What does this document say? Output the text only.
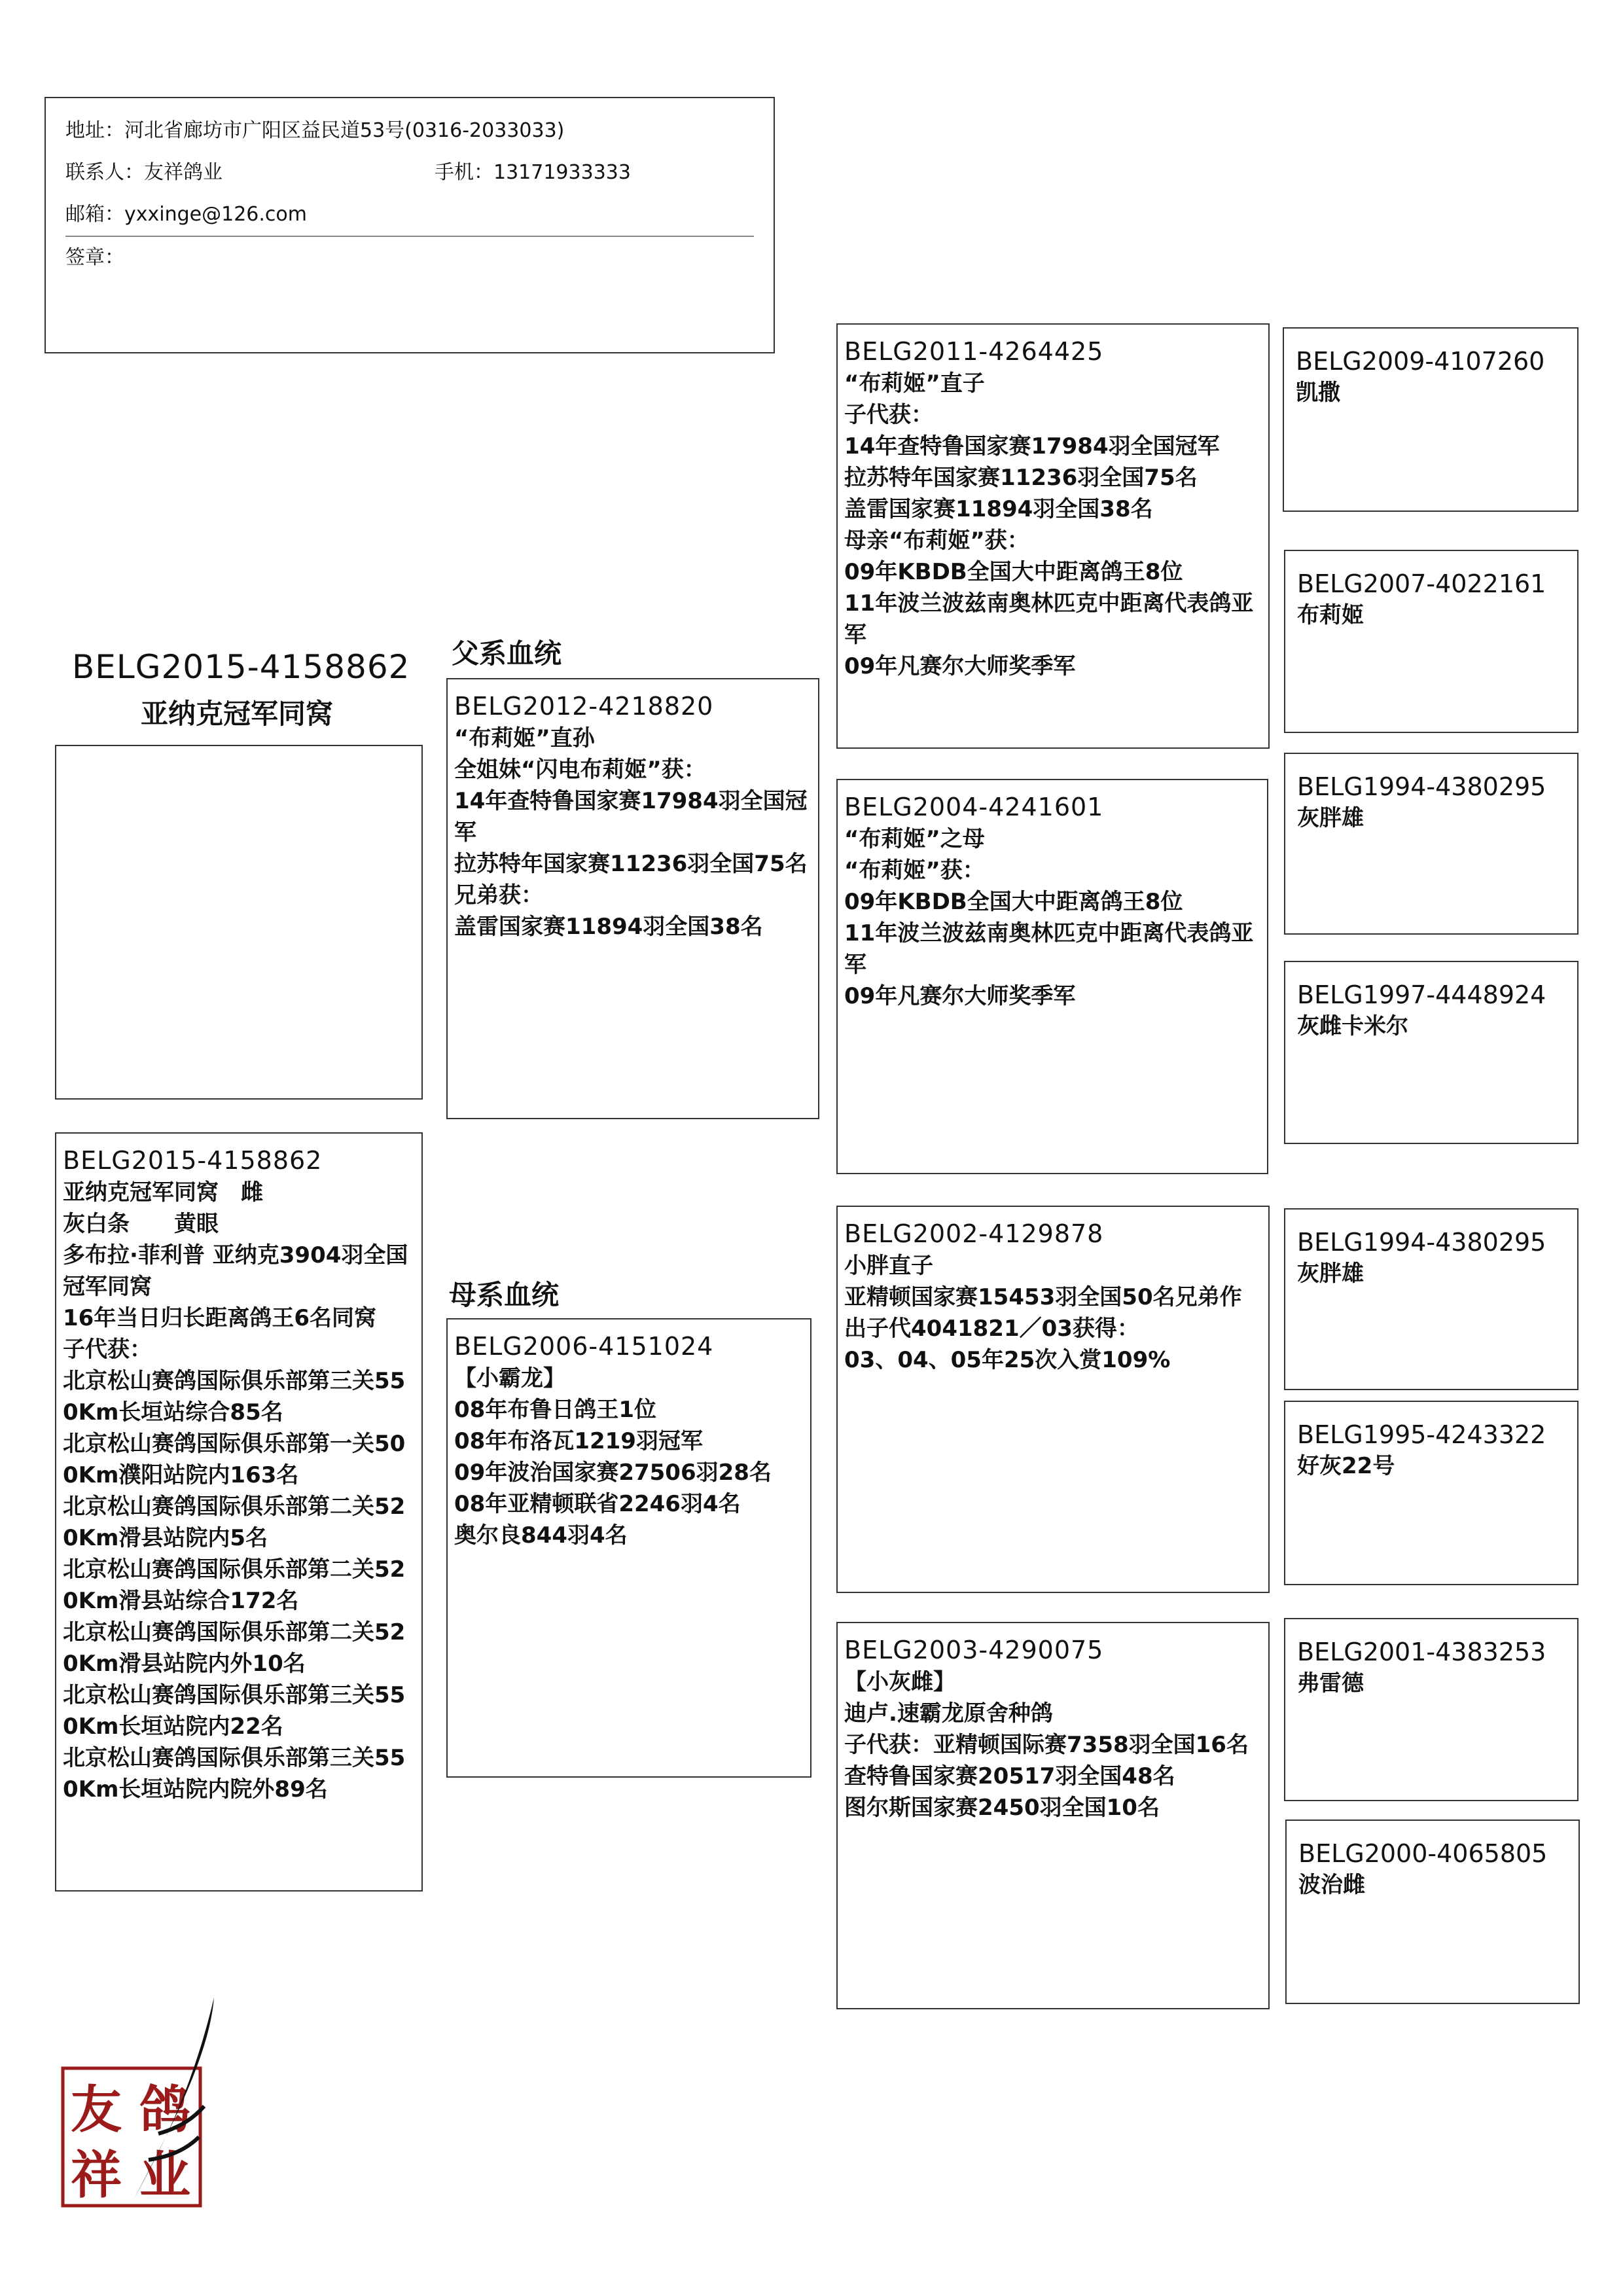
地址：河北省廊坊市广阳区益民道53号(0316-2033033)
联系人：友祥鸽业	手机：13171933333
邮箱：yxxinge@126.com
签章：
BELG2015-4158862
亚纳克冠军同窝
父系血统
母系血统
BELG2015-4158862
亚纳克冠军同窝　雌
灰白条　　黄眼
多布拉·菲利普 亚纳克3904羽全国冠军同窝
16年当日归长距离鸽王6名同窝
子代获：
北京松山赛鸽国际俱乐部第三关550Km长垣站综合85名
北京松山赛鸽国际俱乐部第一关500Km濮阳站院内163名
北京松山赛鸽国际俱乐部第二关520Km滑县站院内5名
北京松山赛鸽国际俱乐部第二关520Km滑县站综合172名
北京松山赛鸽国际俱乐部第二关520Km滑县站院内外10名
北京松山赛鸽国际俱乐部第三关550Km长垣站院内22名
北京松山赛鸽国际俱乐部第三关550Km长垣站院内院外89名
BELG2012-4218820
“布莉姬”直孙
全姐妹“闪电布莉姬”获：
14年查特鲁国家赛17984羽全国冠军
拉苏特年国家赛11236羽全国75名
兄弟获：
盖雷国家赛11894羽全国38名
BELG2006-4151024
【小霸龙】
08年布鲁日鸽王1位
08年布洛瓦1219羽冠军
09年波治国家赛27506羽28名
08年亚精顿联省2246羽4名
奥尔良844羽4名
BELG2011-4264425
“布莉姬”直子
子代获：
14年查特鲁国家赛17984羽全国冠军
拉苏特年国家赛11236羽全国75名
盖雷国家赛11894羽全国38名
母亲“布莉姬”获：
09年KBDB全国大中距离鸽王8位
11年波兰波兹南奥林匹克中距离代表鸽亚军
09年凡赛尔大师奖季军
BELG2004-4241601
“布莉姬”之母
“布莉姬”获：
09年KBDB全国大中距离鸽王8位
11年波兰波兹南奥林匹克中距离代表鸽亚军
09年凡赛尔大师奖季军
BELG2002-4129878
小胖直子
亚精顿国家赛15453羽全国50名兄弟作出子代4041821／03获得：
03、04、05年25次入赏109%
BELG2003-4290075
【小灰雌】
迪卢.速霸龙原舍种鸽
子代获：亚精顿国际赛7358羽全国16名
查特鲁国家赛20517羽全国48名
图尔斯国家赛2450羽全国10名
BELG2009-4107260
凯撒
BELG2007-4022161
布莉姬
BELG1994-4380295
灰胖雄
BELG1997-4448924
灰雌卡米尔
BELG1994-4380295
灰胖雄
BELG1995-4243322
好灰22号
BELG2001-4383253
弗雷德
BELG2000-4065805
波治雌
友 鸽
祥 业
